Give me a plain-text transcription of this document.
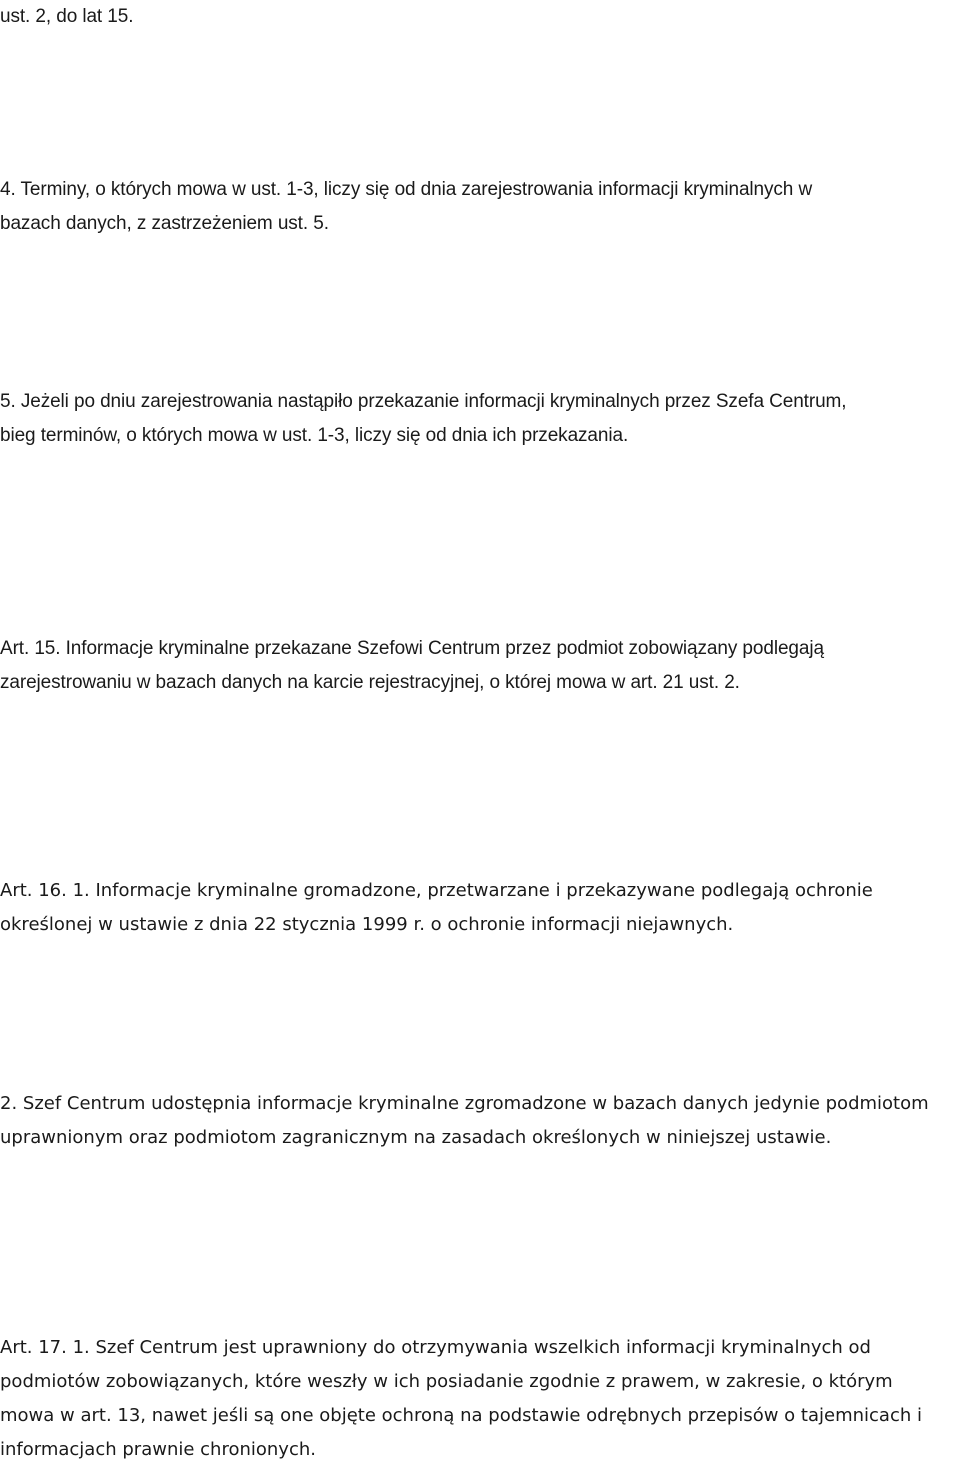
ust. 2, do lat 15.

4. Terminy, o których mowa w ust. 1-3, liczy się od dnia zarejestrowania informacji kryminalnych w
bazach danych, z zastrzeżeniem ust. 5.

5. Jeżeli po dniu zarejestrowania nastąpiło przekazanie informacji kryminalnych przez Szefa Centrum,
bieg terminów, o których mowa w ust. 1-3, liczy się od dnia ich przekazania.

Art. 15. Informacje kryminalne przekazane Szefowi Centrum przez podmiot zobowiązany podlegają
zarejestrowaniu w bazach danych na karcie rejestracyjnej, o której mowa w art. 21 ust. 2.

Art. 16. 1. Informacje kryminalne gromadzone, przetwarzane i przekazywane podlegają ochronie
określonej w ustawie z dnia 22 stycznia 1999 r. o ochronie informacji niejawnych.

2. Szef Centrum udostępnia informacje kryminalne zgromadzone w bazach danych jedynie podmiotom
uprawnionym oraz podmiotom zagranicznym na zasadach określonych w niniejszej ustawie.

Art. 17. 1. Szef Centrum jest uprawniony do otrzymywania wszelkich informacji kryminalnych od
podmiotów zobowiązanych, które weszły w ich posiadanie zgodnie z prawem, w zakresie, o którym
mowa w art. 13, nawet jeśli są one objęte ochroną na podstawie odrębnych przepisów o tajemnicach i
informacjach prawnie chronionych.
